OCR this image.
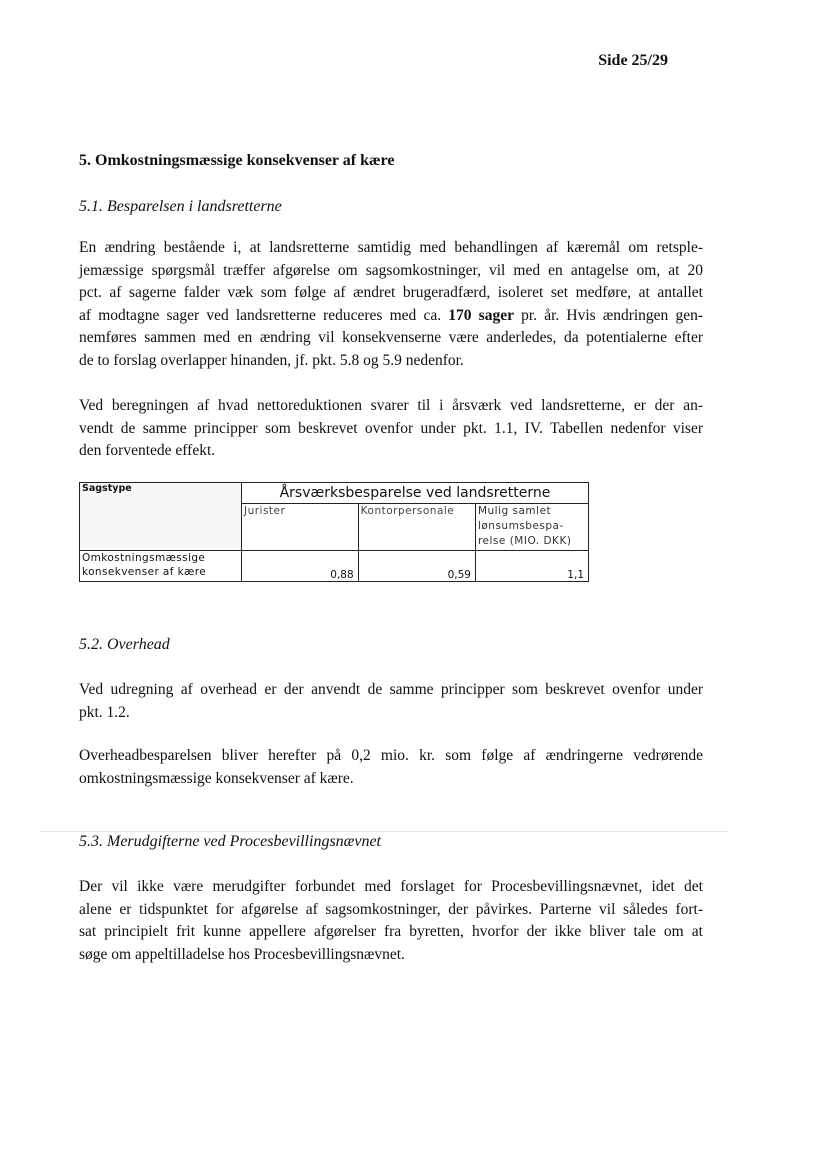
Side 25/29
5. Omkostningsmæssige konsekvenser af kære
5.1. Besparelsen i landsretterne

En ændring bestående i, at landsretterne samtidig med behandlingen af kæremål om retsple-
jemæssige spørgsmål træffer afgørelse om sagsomkostninger, vil med en antagelse om, at 20
pct. af sagerne falder væk som følge af ændret brugeradfærd, isoleret set medføre, at antallet
af modtagne sager ved landsretterne reduceres med ca. 170 sager pr. år. Hvis ændringen gen-
nemføres sammen med en ændring vil konsekvenserne være anderledes, da potentialerne efter
de to forslag overlapper hinanden, jf. pkt. 5.8 og 5.9 nedenfor.

Ved beregningen af hvad nettoreduktionen svarer til i årsværk ved landsretterne, er der an-
vendt de samme principper som beskrevet ovenfor under pkt. 1.1, IV. Tabellen nedenfor viser
den forventede effekt.

Sagstype	Årsværksbesparelse ved landsretterne		
	Jurister	Kontorpersonale	Mulig samlet
lønsumsbespa-
relse (MIO. DKK)

Omkostningsmæssige
konsekvenser af kære	0,88	0,59	1,1
5.2. Overhead

Ved udregning af overhead er der anvendt de samme principper som beskrevet ovenfor under
pkt. 1.2.

Overheadbesparelsen bliver herefter på 0,2 mio. kr. som følge af ændringerne vedrørende
omkostningsmæssige konsekvenser af kære.

5.3. Merudgifterne ved Procesbevillingsnævnet

Der vil ikke være merudgifter forbundet med forslaget for Procesbevillingsnævnet, idet det
alene er tidspunktet for afgørelse af sagsomkostninger, der påvirkes. Parterne vil således fort-
sat principielt frit kunne appellere afgørelser fra byretten, hvorfor der ikke bliver tale om at
søge om appeltilladelse hos Procesbevillingsnævnet.
